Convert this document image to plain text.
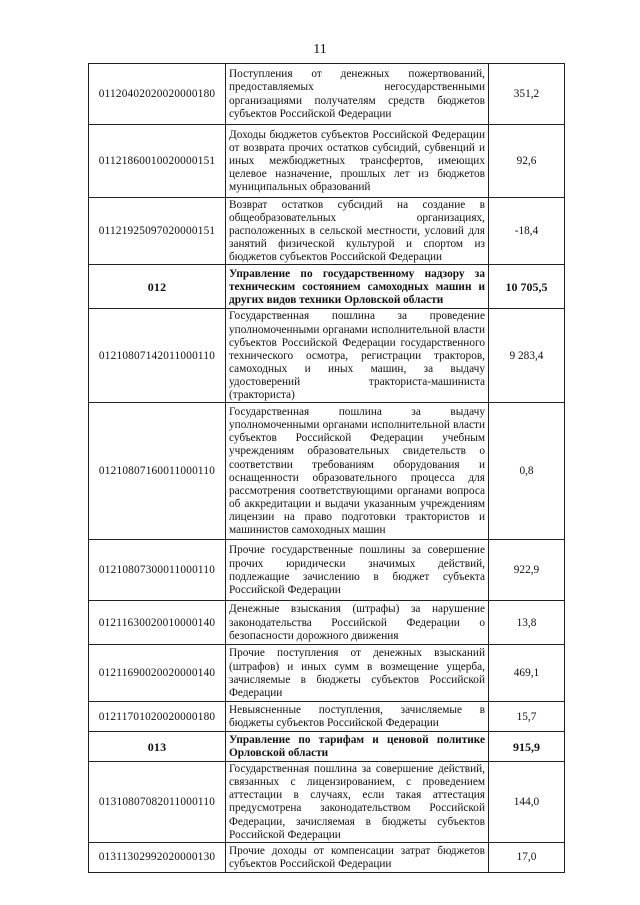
11
01120402020020000180	Поступления от денежных пожертвований, предоставляемых негосударственными организациями получателям средств бюджетов субъектов Российской Федерации	351,2
01121860010020000151	Доходы бюджетов субъектов Российской Федерации от возврата прочих остатков субсидий, субвенций и иных межбюджетных трансфертов, имеющих целевое назначение, прошлых лет из бюджетов муниципальных образований	92,6
01121925097020000151	Возврат остатков субсидий на создание в общеобразовательных организациях, расположенных в сельской местности, условий для занятий физической культурой и спортом из бюджетов субъектов Российской Федерации	-18,4
012	Управление по государственному надзору за техническим состоянием самоходных машин и других видов техники Орловской области	10 705,5
01210807142011000110	Государственная пошлина за проведение уполномоченными органами исполнительной власти субъектов Российской Федерации государственного технического осмотра, регистрации тракторов, самоходных и иных машин, за выдачу удостоверений тракториста-машиниста (тракториста)	9 283,4
01210807160011000110	Государственная пошлина за выдачу уполномоченными органами исполнительной власти субъектов Российской Федерации учебным учреждениям образовательных свидетельств о соответствии требованиям оборудования и оснащенности образовательного процесса для рассмотрения соответствующими органами вопроса об аккредитации и выдачи указанным учреждениям лицензии на право подготовки трактористов и машинистов самоходных машин	0,8
01210807300011000110	Прочие государственные пошлины за совершение прочих юридически значимых действий, подлежащие зачислению в бюджет субъекта Российской Федерации	922,9
01211630020010000140	Денежные взыскания (штрафы) за нарушение законодательства Российской Федерации о безопасности дорожного движения	13,8
01211690020020000140	Прочие поступления от денежных взысканий (штрафов) и иных сумм в возмещение ущерба, зачисляемые в бюджеты субъектов Российской Федерации	469,1
01211701020020000180	Невыясненные поступления, зачисляемые в бюджеты субъектов Российской Федерации	15,7
013	Управление по тарифам и ценовой политике Орловской области	915,9
01310807082011000110	Государственная пошлина за совершение действий, связанных с лицензированием, с проведением аттестации в случаях, если такая аттестация предусмотрена законодательством Российской Федерации, зачисляемая в бюджеты субъектов Российской Федерации	144,0
01311302992020000130	Прочие доходы от компенсации затрат бюджетов субъектов Российской Федерации	17,0
